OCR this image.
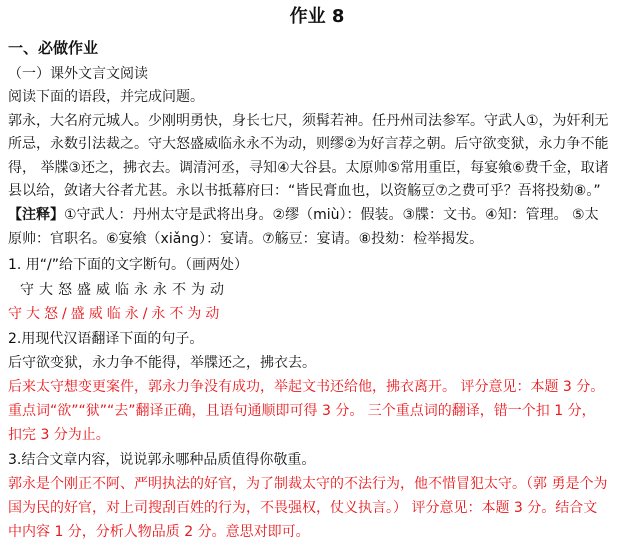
作业 8
一、必做作业
（一）课外文言文阅读
阅读下面的语段，并完成问题。
郭永，大名府元城人。少刚明勇快，身长七尺，须髯若神。任丹州司法参军。守武人①，为奸利无
所忌，永数引法裁之。守大怒盛威临永永不为动，则缪②为好言荐之朝。后守欲变狱，永力争不能
得， 举牒③还之，拂衣去。调清河丞，寻知④大谷县。太原帅⑤常用重臣，每宴飨⑥费千金，取诸
县以给，敛诸大谷者尤甚。永以书抵幕府曰：“皆民膏血也，以资觞豆⑦之费可乎？吾将投劾⑧。”
【注释】①守武人：丹州太守是武将出身。②缪（miù）：假装。③牒：文书。④知：管理。 ⑤太
原帅：官职名。⑥宴飨（xiǎng）：宴请。⑦觞豆：宴请。⑧投劾：检举揭发。
1. 用“/”给下面的文字断句。（画两处）
守大怒盛威临永永不为动
守大怒/盛威临永/永不为动
2.用现代汉语翻译下面的句子。
后守欲变狱，永力争不能得，举牒还之，拂衣去。
后来太守想变更案件，郭永力争没有成功，举起文书还给他，拂衣离开。 评分意见：本题 3 分。
重点词“欲”“狱”“去”翻译正确，且语句通顺即可得 3 分。 三个重点词的翻译，错一个扣 1 分，
扣完 3 分为止。
3.结合文章内容，说说郭永哪种品质值得你敬重。
郭永是个刚正不阿、严明执法的好官，为了制裁太守的不法行为，他不惜冒犯太守。（郭 勇是个为
国为民的好官，对上司搜刮百姓的行为，不畏强权，仗义执言。） 评分意见：本题 3 分。结合文
中内容 1 分，分析人物品质 2 分。意思对即可。
